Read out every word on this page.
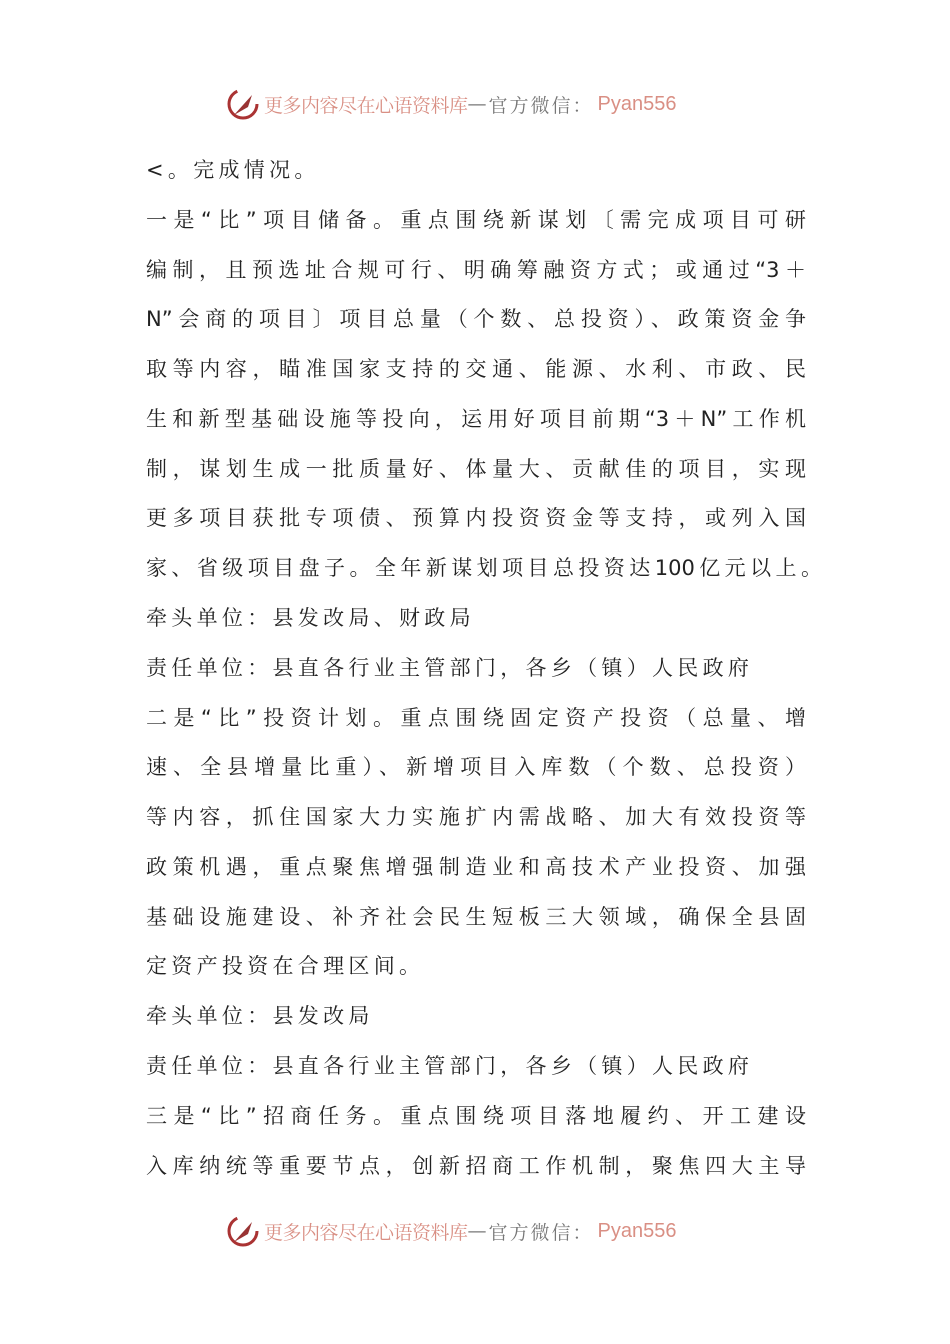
更多内容尽在心语资料库 — 官方微信： Pyan556
<。完成情况。
一是“比”项目储备。重点围绕新谋划〔需完成项目可研
编制，且预选址合规可行、明确筹融资方式；或通过“3＋
N”会商的项目〕项目总量（个数、总投资）、政策资金争
取等内容，瞄准国家支持的交通、能源、水利、市政、民
生和新型基础设施等投向，运用好项目前期“3＋N”工作机
制，谋划生成一批质量好、体量大、贡献佳的项目，实现
更多项目获批专项债、预算内投资资金等支持，或列入国
家、省级项目盘子。全年新谋划项目总投资达100亿元以上。
牵头单位：县发改局、财政局
责任单位：县直各行业主管部门，各乡（镇）人民政府
二是“比”投资计划。重点围绕固定资产投资（总量、增
速、全县增量比重）、新增项目入库数（个数、总投资）
等内容，抓住国家大力实施扩内需战略、加大有效投资等
政策机遇，重点聚焦增强制造业和高技术产业投资、加强
基础设施建设、补齐社会民生短板三大领域，确保全县固
定资产投资在合理区间。
牵头单位：县发改局
责任单位：县直各行业主管部门，各乡（镇）人民政府
三是“比”招商任务。重点围绕项目落地履约、开工建设
入库纳统等重要节点，创新招商工作机制，聚焦四大主导
更多内容尽在心语资料库 — 官方微信： Pyan556
